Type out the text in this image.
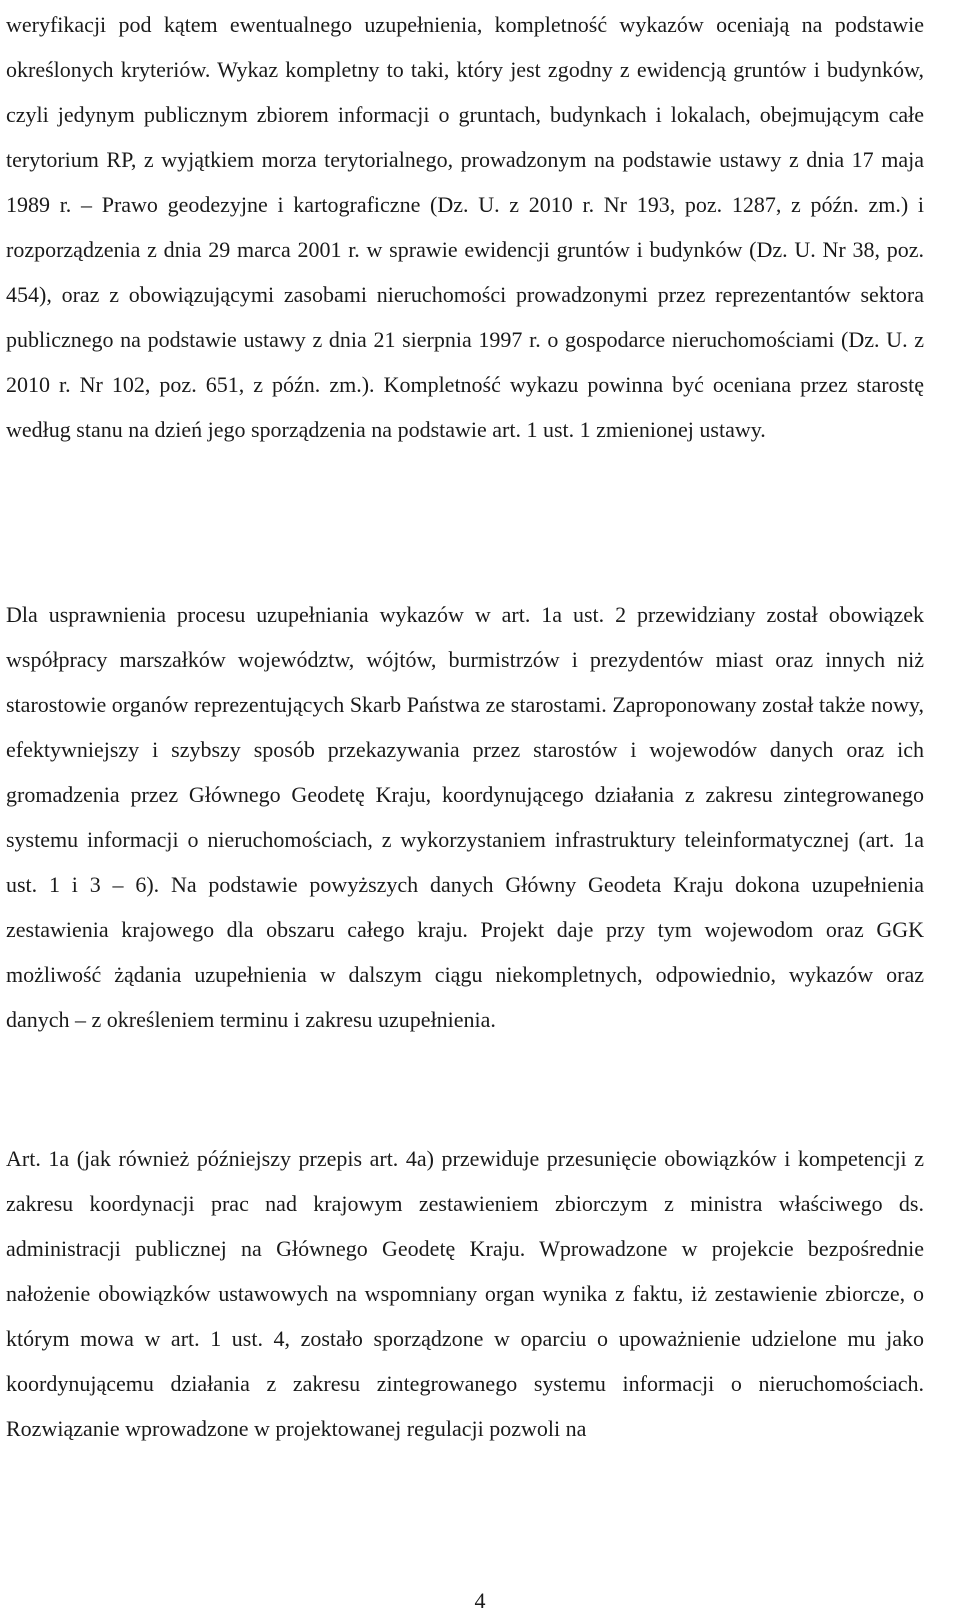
weryfikacji pod kątem ewentualnego uzupełnienia, kompletność wykazów oceniają na podstawie określonych kryteriów. Wykaz kompletny to taki, który jest zgodny z ewidencją gruntów i budynków, czyli jedynym publicznym zbiorem informacji o gruntach, budynkach i lokalach, obejmującym całe terytorium RP, z wyjątkiem morza terytorialnego, prowadzonym na podstawie ustawy z dnia 17 maja 1989 r. – Prawo geodezyjne i kartograficzne (Dz. U. z 2010 r. Nr 193, poz. 1287, z późn. zm.) i rozporządzenia z dnia 29 marca 2001 r. w sprawie ewidencji gruntów i budynków (Dz. U. Nr 38, poz. 454), oraz z obowiązującymi zasobami nieruchomości prowadzonymi przez reprezentantów sektora publicznego na podstawie ustawy z dnia 21 sierpnia 1997 r. o gospodarce nieruchomościami (Dz. U. z 2010 r. Nr 102, poz. 651, z późn. zm.). Kompletność wykazu powinna być oceniana przez starostę według stanu na dzień jego sporządzenia na podstawie art. 1 ust. 1 zmienionej ustawy.

Dla usprawnienia procesu uzupełniania wykazów w art. 1a ust. 2 przewidziany został obowiązek współpracy marszałków województw, wójtów, burmistrzów i prezydentów miast oraz innych niż starostowie organów reprezentujących Skarb Państwa ze starostami. Zaproponowany został także nowy, efektywniejszy i szybszy sposób przekazywania przez starostów i wojewodów danych oraz ich gromadzenia przez Głównego Geodetę Kraju, koordynującego działania z zakresu zintegrowanego systemu informacji o nieruchomościach, z wykorzystaniem infrastruktury teleinformatycznej (art. 1a ust. 1 i 3 – 6). Na podstawie powyższych danych Główny Geodeta Kraju dokona uzupełnienia zestawienia krajowego dla obszaru całego kraju. Projekt daje przy tym wojewodom oraz GGK możliwość żądania uzupełnienia w dalszym ciągu niekompletnych, odpowiednio, wykazów oraz danych – z określeniem terminu i zakresu uzupełnienia.

Art. 1a (jak również późniejszy przepis art. 4a) przewiduje przesunięcie obowiązków i kompetencji z zakresu koordynacji prac nad krajowym zestawieniem zbiorczym z ministra właściwego ds. administracji publicznej na Głównego Geodetę Kraju. Wprowadzone w projekcie bezpośrednie nałożenie obowiązków ustawowych na wspomniany organ wynika z faktu, iż zestawienie zbiorcze, o którym mowa w art. 1 ust. 4, zostało sporządzone w oparciu o upoważnienie udzielone mu jako koordynującemu działania z zakresu zintegrowanego systemu informacji o nieruchomościach. Rozwiązanie wprowadzone w projektowanej regulacji pozwoli na

4
